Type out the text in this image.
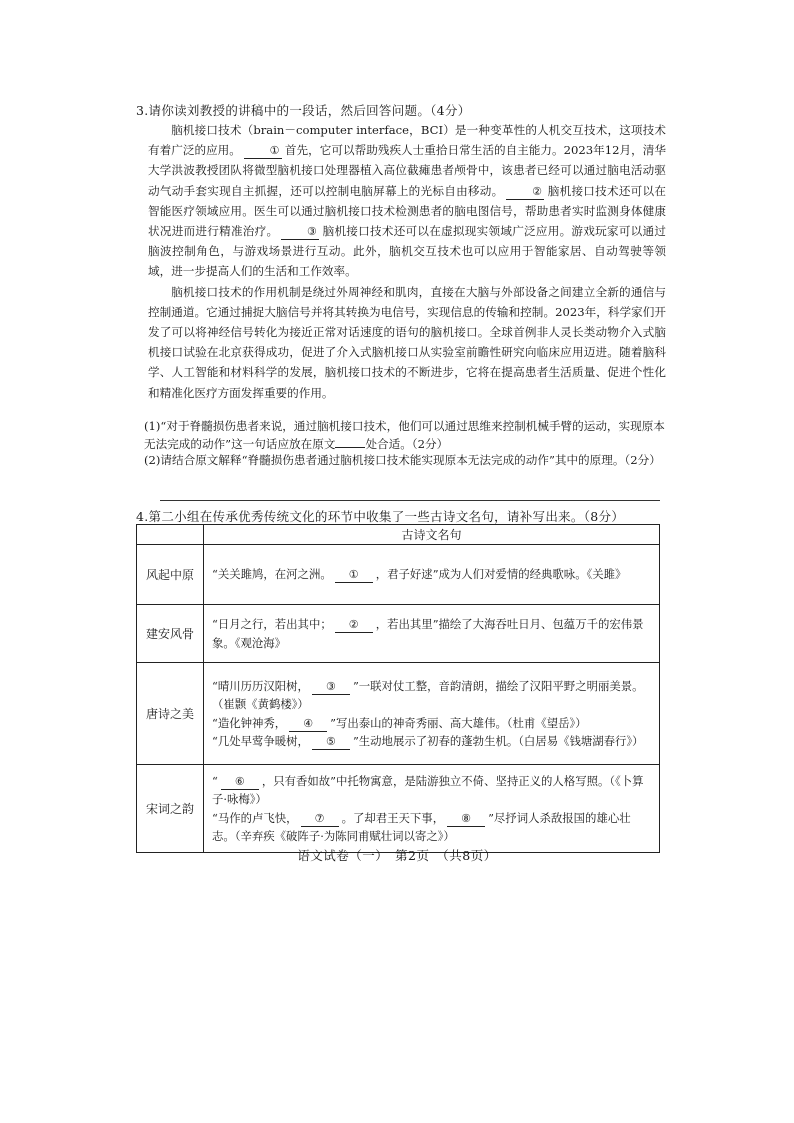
3.请你读刘教授的讲稿中的一段话，然后回答问题。（4分）

脑机接口技术（brain－computer interface，BCI）是一种变革性的人机交互技术，这项技术有着广泛的应用。	① 首先，它可以帮助残疾人士重拾日常生活的自主能力。2023年12月，清华大学洪波教授团队将微型脑机接口处理器植入高位截瘫患者颅骨中，该患者已经可以通过脑电活动驱动气动手套实现自主抓握，还可以控制电脑屏幕上的光标自由移动。	② 脑机接口技术还可以在智能医疗领域应用。医生可以通过脑机接口技术检测患者的脑电图信号，帮助患者实时监测身体健康状况进而进行精准治疗。	③ 脑机接口技术还可以在虚拟现实领域广泛应用。游戏玩家可以通过脑波控制角色，与游戏场景进行互动。此外，脑机交互技术也可以应用于智能家居、自动驾驶等领域，进一步提高人们的生活和工作效率。

脑机接口技术的作用机制是绕过外周神经和肌肉，直接在大脑与外部设备之间建立全新的通信与控制通道。它通过捕捉大脑信号并将其转换为电信号，实现信息的传输和控制。2023年，科学家们开发了可以将神经信号转化为接近正常对话速度的语句的脑机接口。全球首例非人灵长类动物介入式脑机接口试验在北京获得成功，促进了介入式脑机接口从实验室前瞻性研究向临床应用迈进。随着脑科学、人工智能和材料科学的发展，脑机接口技术的不断进步，它将在提高患者生活质量、促进个性化和精准化医疗方面发挥重要的作用。

(1)“对于脊髓损伤患者来说，通过脑机接口技术，他们可以通过思维来控制机械手臂的运动，实现原本无法完成的动作”这一句话应放在原文	处合适。（2分）
(2)请结合原文解释“脊髓损伤患者通过脑机接口技术能实现原本无法完成的动作”其中的原理。（2分）
4.第二小组在传承优秀传统文化的环节中收集了一些古诗文名句，请补写出来。（8分）
	古诗文名句
风起中原	“关关雎鸠，在河之洲。 ① ，君子好逑”成为人们对爱情的经典歌咏。《关雎》

建安风骨	“日月之行，若出其中； ② ，若出其里”描绘了大海吞吐日月、包蕴万千的宏伟景象。《观沧海》

唐诗之美	“晴川历历汉阳树， ③ ”一联对仗工整，音韵清朗，描绘了汉阳平野之明丽美景。（崔颢《黄鹤楼》）
“造化钟神秀， ④ ”写出泰山的神奇秀丽、高大雄伟。（杜甫《望岳》）
“几处早莺争暖树， ⑤ ”生动地展示了初春的蓬勃生机。（白居易《钱塘湖春行》）

宋词之韵	“ ⑥ ，只有香如故”中托物寓意，是陆游独立不倚、坚持正义的人格写照。（《卜算子·咏梅》）
“马作的卢飞快， ⑦ 。了却君王天下事， ⑧ ”尽抒词人杀敌报国的雄心壮志。（辛弃疾《破阵子·为陈同甫赋壮词以寄之》）
语文试卷（一）　第2页　（共8页）
